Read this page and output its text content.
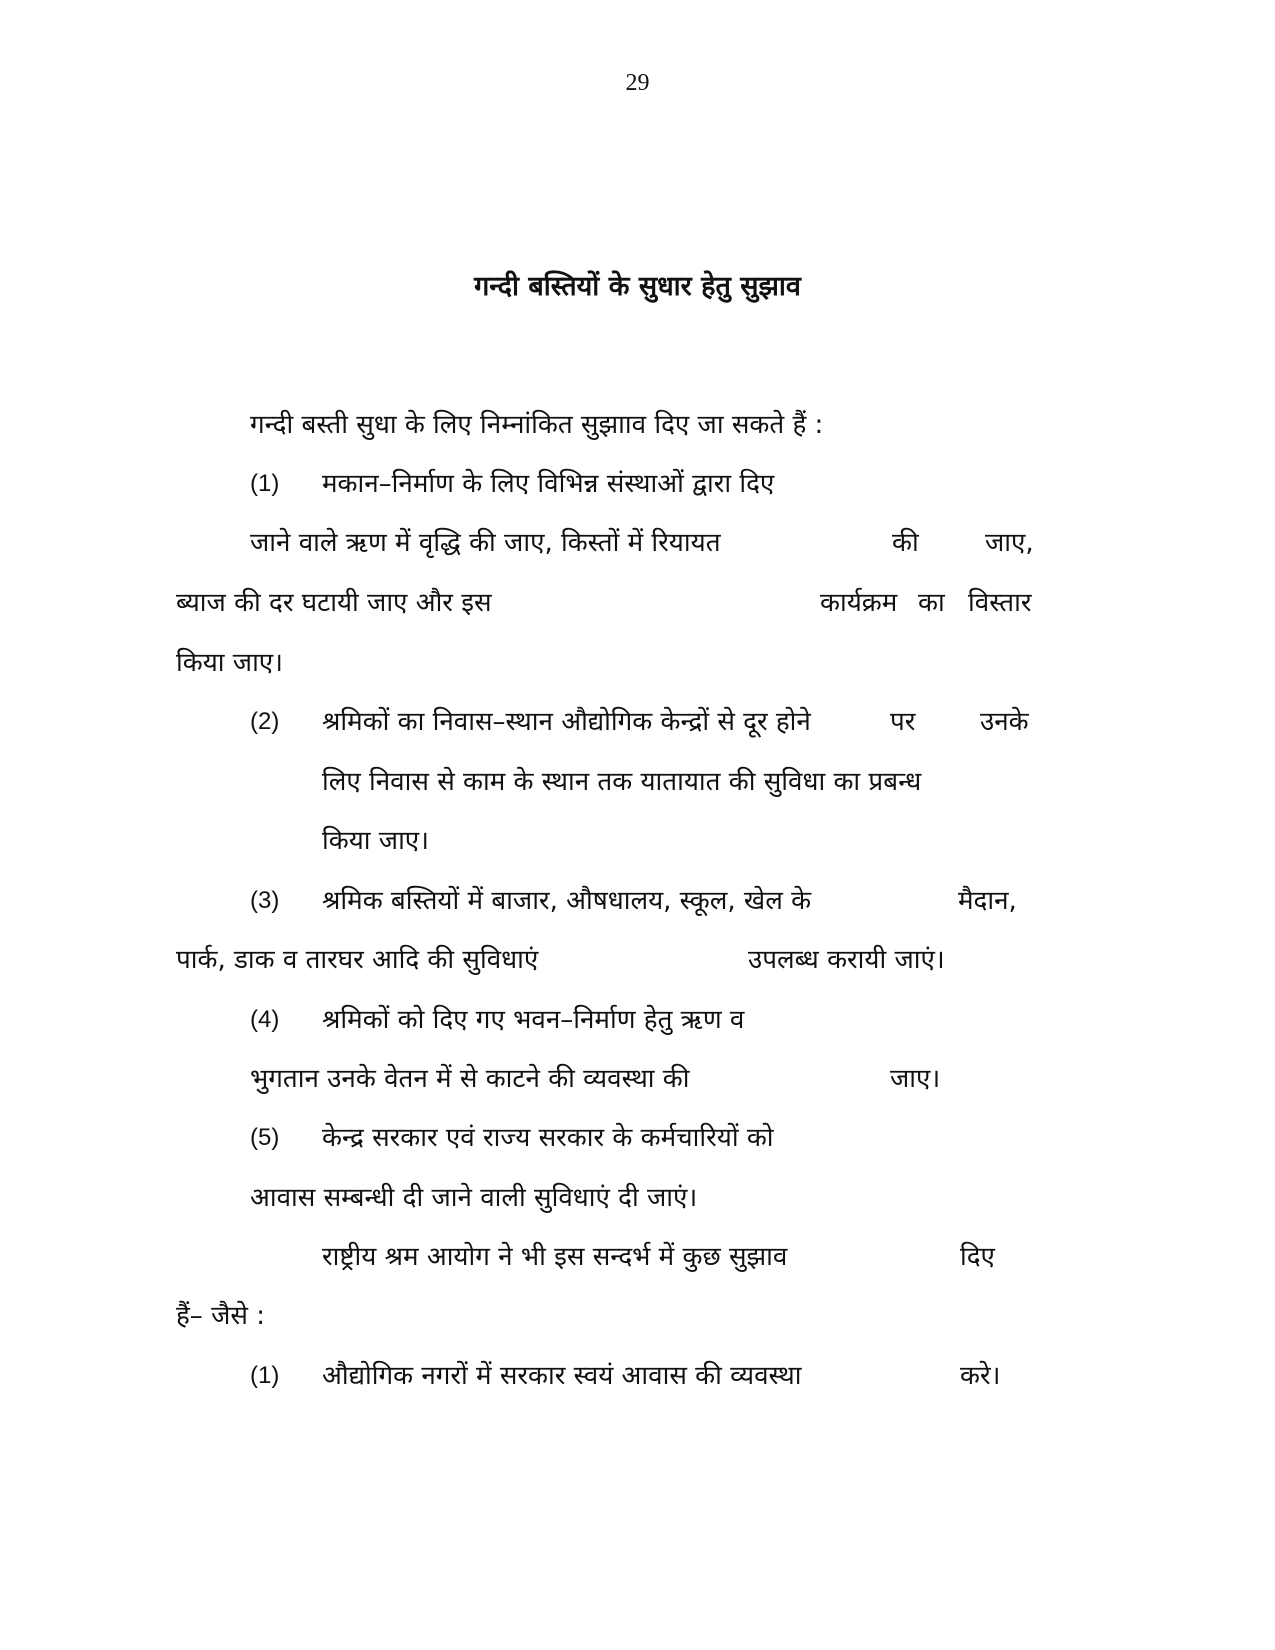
29
गन्दी बस्तियों के सुधार हेतु सुझाव
गन्दी बस्ती सुधा के लिए निम्नांकित सुझााव दिए जा सकते हैं :
(1) मकान–निर्माण के लिए विभिन्न संस्थाओं द्वारा दिए
जाने वाले ऋण में वृद्धि की जाए, किस्तों में रियायत	की	जाए,
ब्याज की दर घटायी जाए और इस	कार्यक्रम का विस्तार
किया जाए।
(2) श्रमिकों का निवास–स्थान औद्योगिक केन्द्रों से दूर होने	पर उनके
लिए निवास से काम के स्थान तक यातायात की सुविधा का प्रबन्ध
किया जाए।
(3) श्रमिक बस्तियों में बाजार, औषधालय, स्कूल, खेल के	मैदान,
पार्क, डाक व तारघर आदि की सुविधाएं	उपलब्ध करायी जाएं।
(4) श्रमिकों को दिए गए भवन–निर्माण हेतु ऋण व
भुगतान उनके वेतन में से काटने की व्यवस्था की	जाए।
(5) केन्द्र सरकार एवं राज्य सरकार के कर्मचारियों को
आवास सम्बन्धी दी जाने वाली सुविधाएं दी जाएं।
राष्ट्रीय श्रम आयोग ने भी इस सन्दर्भ में कुछ सुझाव	दिए
हैं– जैसे :
(1) औद्योगिक नगरों में सरकार स्वयं आवास की व्यवस्था	करे।
